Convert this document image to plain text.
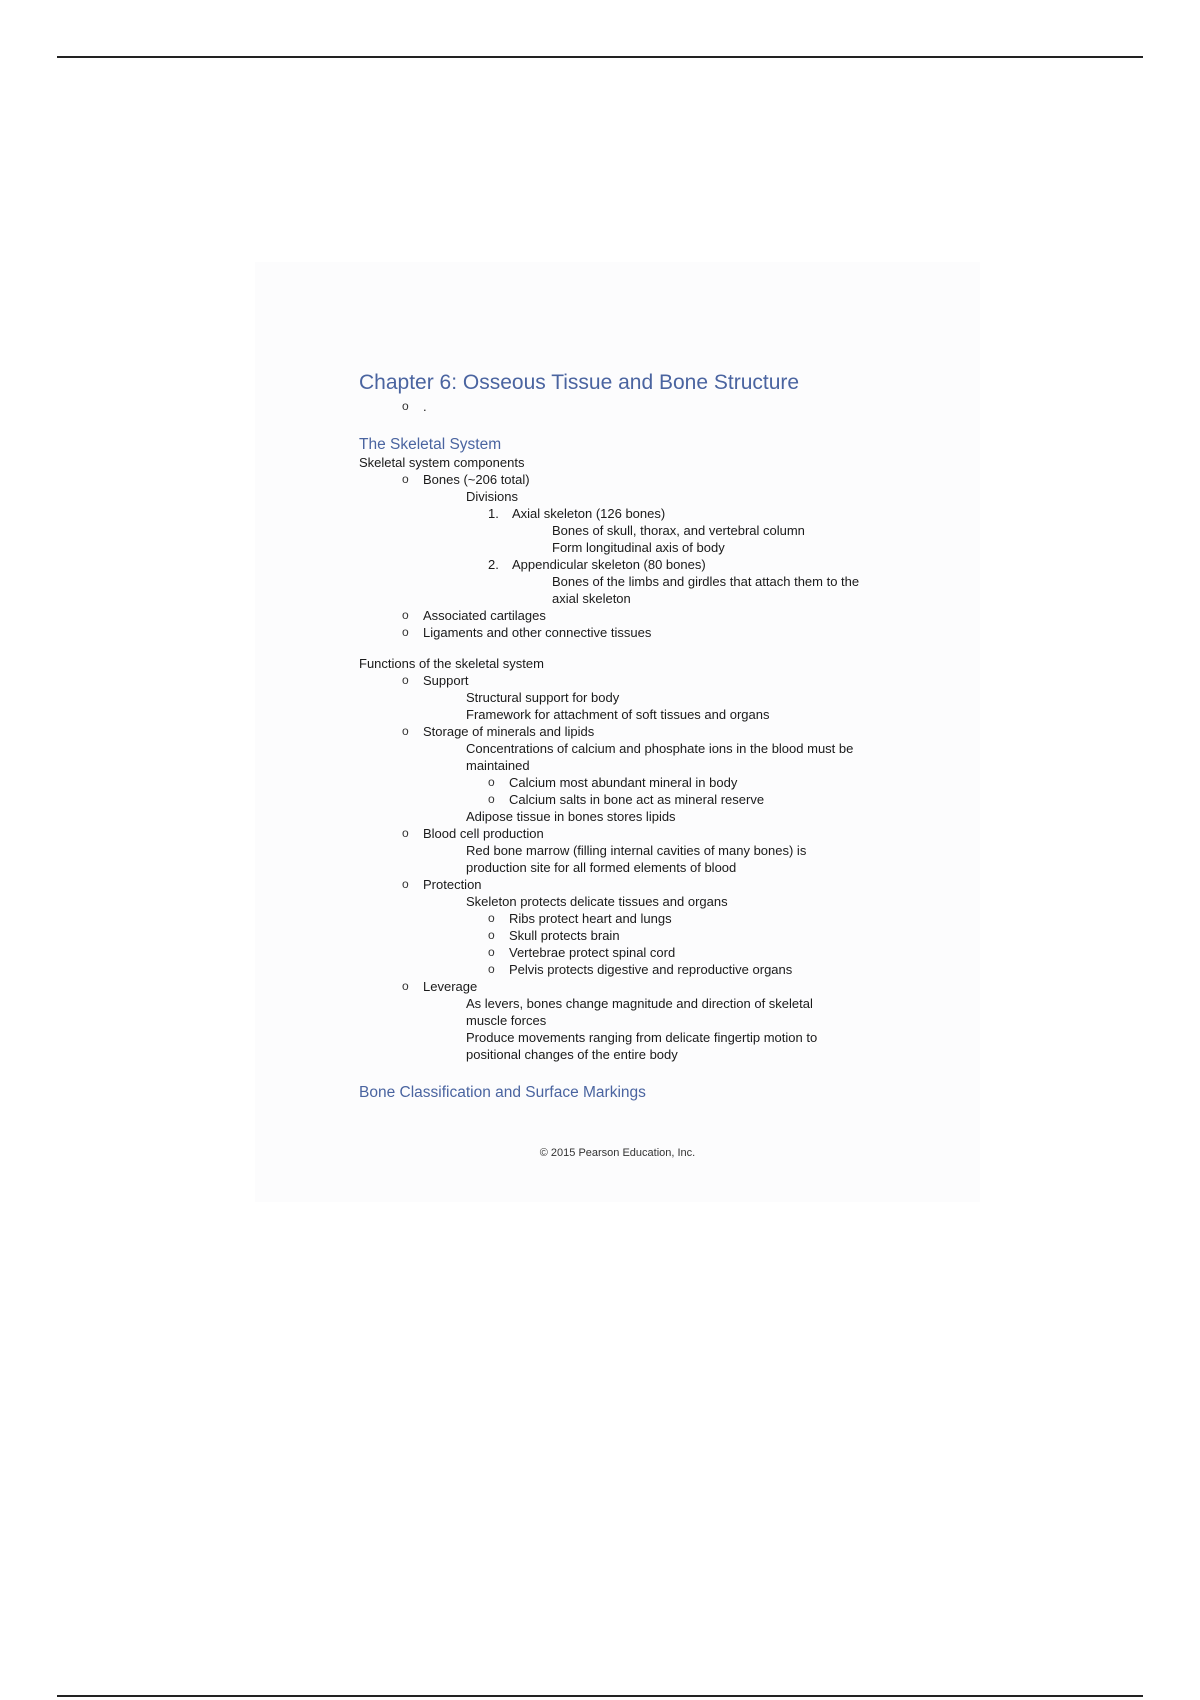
Chapter 6: Osseous Tissue and Bone Structure
o	.
The Skeletal System
Skeletal system components
o	Bones (~206 total)
Divisions
1.	Axial skeleton (126 bones)
Bones of skull, thorax, and vertebral column
Form longitudinal axis of body
2.	Appendicular skeleton (80 bones)
Bones of the limbs and girdles that attach them to the axial skeleton
o	Associated cartilages
o	Ligaments and other connective tissues
Functions of the skeletal system
o	Support
Structural support for body
Framework for attachment of soft tissues and organs
o	Storage of minerals and lipids
Concentrations of calcium and phosphate ions in the blood must be maintained
o	Calcium most abundant mineral in body
o	Calcium salts in bone act as mineral reserve
Adipose tissue in bones stores lipids
o	Blood cell production
Red bone marrow (filling internal cavities of many bones) is production site for all formed elements of blood
o	Protection
Skeleton protects delicate tissues and organs
o	Ribs protect heart and lungs
o	Skull protects brain
o	Vertebrae protect spinal cord
o	Pelvis protects digestive and reproductive organs
o	Leverage
As levers, bones change magnitude and direction of skeletal muscle forces
Produce movements ranging from delicate fingertip motion to positional changes of the entire body
Bone Classification and Surface Markings
© 2015 Pearson Education, Inc.
